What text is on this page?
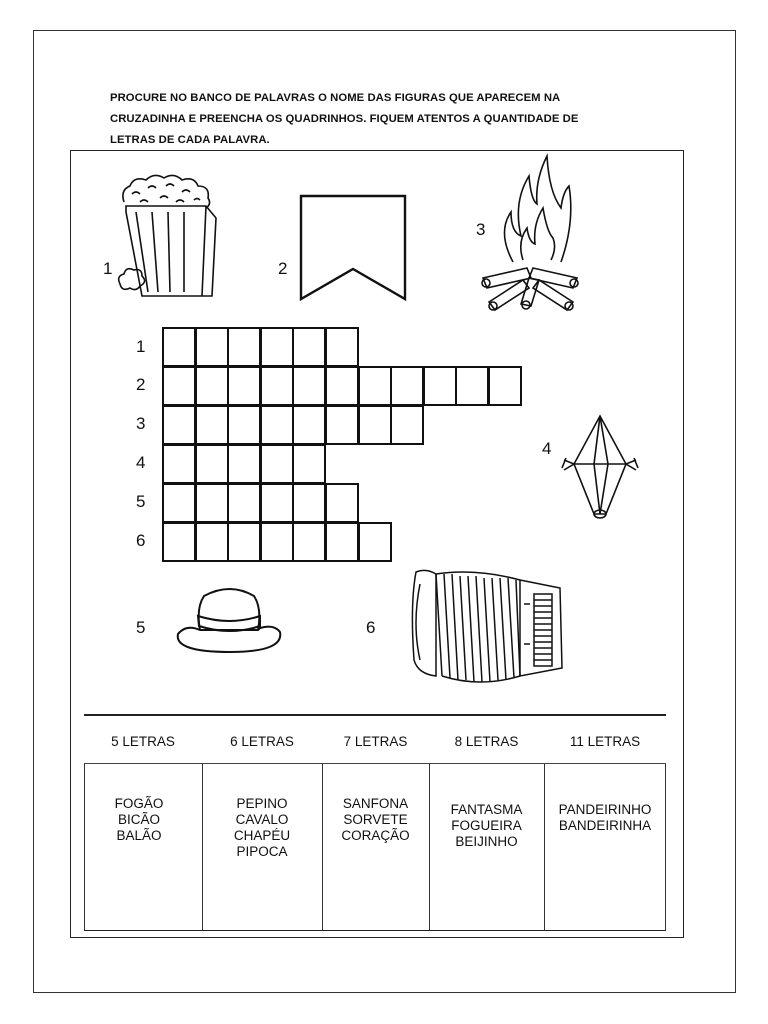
PROCURE NO BANCO DE PALAVRAS O NOME DAS FIGURAS QUE APARECEM NA
CRUZADINHA E PREENCHA OS QUADRINHOS. FIQUEM ATENTOS A QUANTIDADE DE
LETRAS DE CADA PALAVRA.
1	2
3
4
1
2
3
4
5
6
5	6
5 LETRAS
FOGÃO
BICÃO
BALÃO
6 LETRAS
PEPINO
CAVALO
CHAPÉU
PIPOCA
7 LETRAS
SANFONA
SORVETE
CORAÇÃO
8 LETRAS
FANTASMA
FOGUEIRA
BEIJINHO
11 LETRAS
PANDEIRINHO
BANDEIRINHA
